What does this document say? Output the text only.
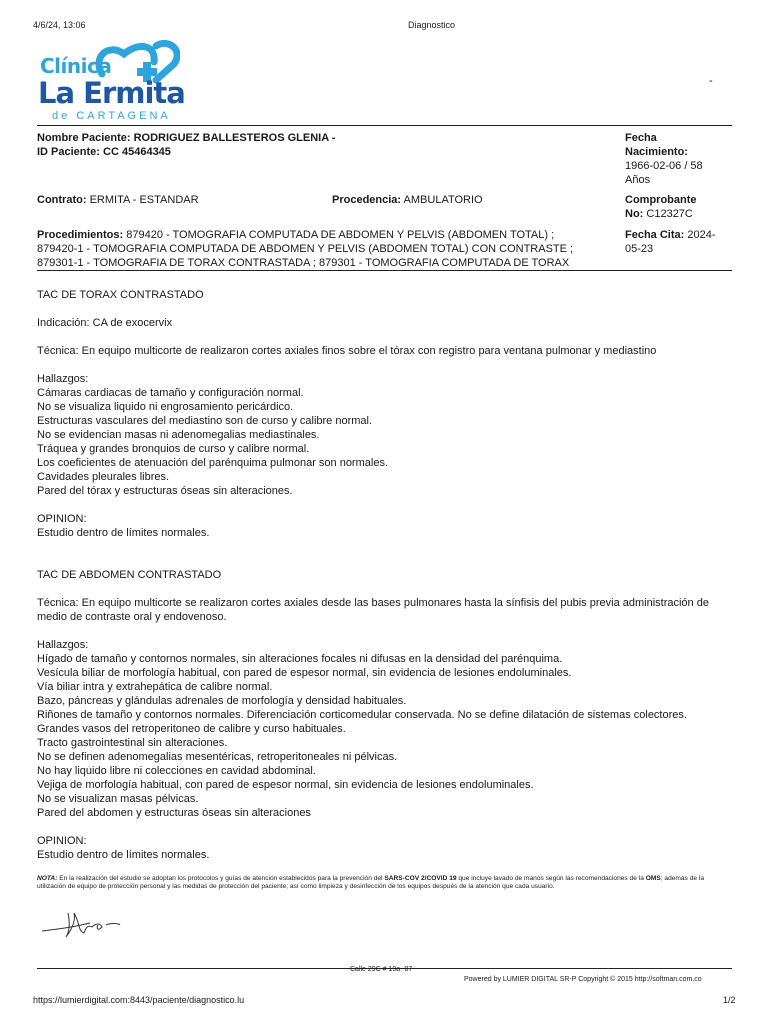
4/6/24, 13:06	Diagnostico
Clínica
La Ermita
de CARTAGENA
-
Nombre Paciente: RODRIGUEZ BALLESTEROS GLENIA -
ID Paciente: CC 45464345
Fecha
Nacimiento:
1966-02-06 / 58
Años
Contrato: ERMITA - ESTANDAR	Procedencia: AMBULATORIO	Comprobante
No: C12327C
Procedimientos: 879420 - TOMOGRAFIA COMPUTADA DE ABDOMEN Y PELVIS (ABDOMEN TOTAL) ;
879420-1 - TOMOGRAFIA COMPUTADA DE ABDOMEN Y PELVIS (ABDOMEN TOTAL) CON CONTRASTE ;
879301-1 - TOMOGRAFIA DE TORAX CONTRASTADA ; 879301 - TOMOGRAFIA COMPUTADA DE TORAX
Fecha Cita: 2024-
05-23

TAC DE TORAX CONTRASTADO

Indicación: CA de exocervix

Técnica: En equipo multicorte de realizaron cortes axiales finos sobre el tórax con registro para ventana pulmonar y mediastino

Hallazgos:

Cámaras cardiacas de tamaño y configuración normal.

No se visualiza liquido ni engrosamiento pericárdico.

Estructuras vasculares del mediastino son de curso y calibre normal.

No se evidencian masas ni adenomegalias mediastinales.

Tráquea y grandes bronquios de curso y calibre normal.

Los coeficientes de atenuación del parénquima pulmonar son normales.

Cavidades pleurales libres.

Pared del tórax y estructuras óseas sin alteraciones.

OPINION:

Estudio dentro de límites normales.

TAC DE ABDOMEN CONTRASTADO

Técnica: En equipo multicorte se realizaron cortes axiales desde las bases pulmonares hasta la sínfisis del pubis previa administración de

medio de contraste oral y endovenoso.

Hallazgos:

Hígado de tamaño y contornos normales, sin alteraciones focales ni difusas en la densidad del parénquima.

Vesícula biliar de morfología habitual, con pared de espesor normal, sin evidencia de lesiones endoluminales.

Vía biliar intra y extrahepática de calibre normal.

Bazo, páncreas y glándulas adrenales de morfología y densidad habituales.

Riñones de tamaño y contornos normales. Diferenciación corticomedular conservada. No se define dilatación de sistemas colectores.

Grandes vasos del retroperitoneo de calibre y curso habituales.

Tracto gastrointestinal sin alteraciones.

No se definen adenomegalias mesentéricas, retroperitoneales ni pélvicas.

No hay liquido libre ni colecciones en cavidad abdominal.

Vejiga de morfología habitual, con pared de espesor normal, sin evidencia de lesiones endoluminales.

No se visualizan masas pélvicas.

Pared del abdomen y estructuras óseas sin alteraciones

OPINION:

Estudio dentro de límites normales.

NOTA: En la realización del estudio se adoptan los protocolos y guías de atención establecidos para la prevención del SARS-COV 2/COVID 19 que incluye lavado de manos según las recomendaciones de la OMS; además de la utilización de equipo de protección personal y las medidas de protección del paciente; así como limpieza y desinfección de los equipos después de la atención que cada usuario.
Calle 29C # 19a- 07
Powered by LUMIER DIGITAL SR-P Copyright © 2015 http://softman.com.co
https://lumierdigital.com:8443/paciente/diagnostico.lu	1/2
